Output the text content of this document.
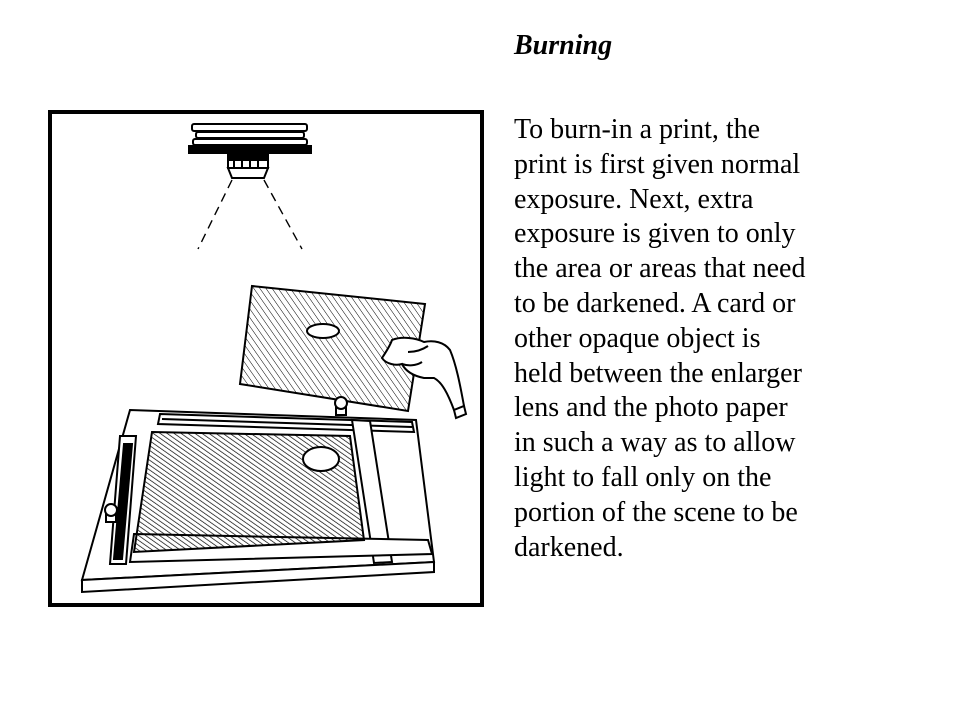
Burning

To burn-in a print, the
print is first given normal
exposure. Next, extra
exposure is given to only
the area or areas that need
to be darkened. A card or
other opaque object is
held between the enlarger
lens and the photo paper
in such a way as to allow
light to fall only on the
portion of the scene to be
darkened.
